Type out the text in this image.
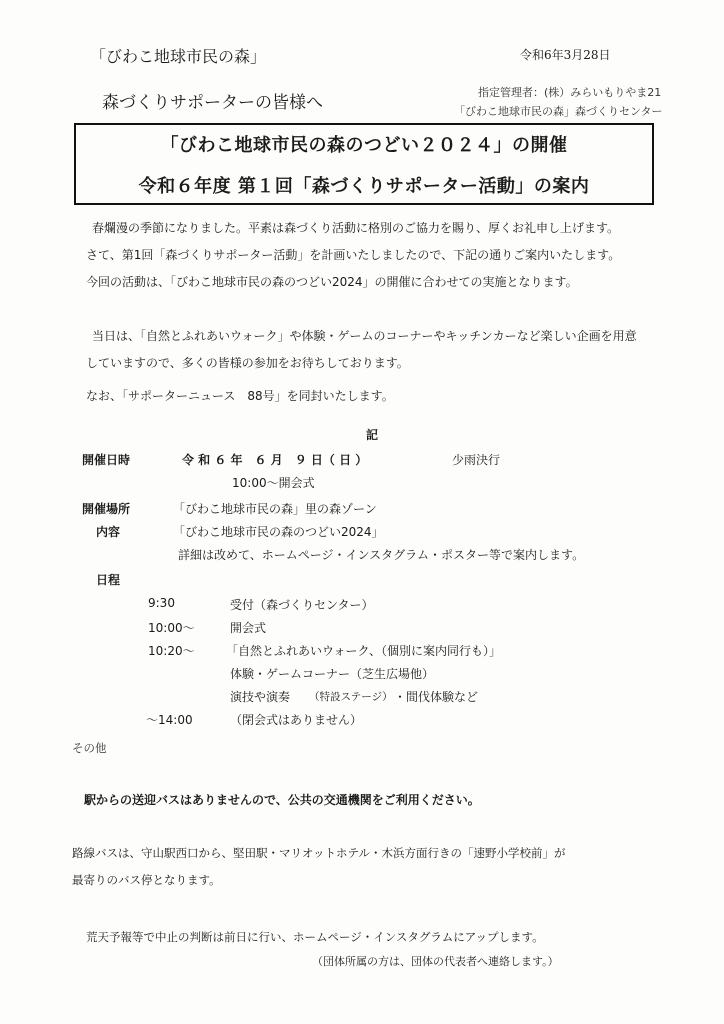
「びわこ地球市民の森」	令和6年3月28日
森づくりサポーターの皆様へ
指定管理者：(株）みらいもりやま21
「びわこ地球市民の森」森づくりセンター
「びわこ地球市民の森のつどい２０２４」の開催
令和６年度 第１回「森づくりサポーター活動」の案内
春爛漫の季節になりました。平素は森づくり活動に格別のご協力を賜り、厚くお礼申し上げます。
さて、第1回「森づくりサポーター活動」を計画いたしましたので、下記の通りご案内いたします。
今回の活動は、「びわこ地球市民の森のつどい2024」の開催に合わせての実施となります。
当日は、「自然とふれあいウォーク」や体験・ゲームのコーナーやキッチンカーなど楽しい企画を用意
していますので、多くの皆様の参加をお待ちしております。
なお、「サポーターニュース　88号」を同封いたします。
記
開催日時	令 和 ６ 年　６ 月　９ 日（ 日 ）	少雨決行
10:00～開会式
開催場所	「びわこ地球市民の森」里の森ゾーン
内容	「びわこ地球市民の森のつどい2024」
詳細は改めて、ホームページ・インスタグラム・ポスター等で案内します。
日程
9:30	受付（森づくりセンター）
10:00～	開会式
10:20～	「自然とふれあいウォーク、（個別に案内同行も）」
体験・ゲームコーナー（芝生広場他）
演技や演奏 （特設ステージ） ・間伐体験など
～14:00	（閉会式はありません）
その他
駅からの送迎バスはありませんので、公共の交通機関をご利用ください。
路線バスは、守山駅西口から、堅田駅・マリオットホテル・木浜方面行きの「速野小学校前」が
最寄りのバス停となります。
荒天予報等で中止の判断は前日に行い、ホームページ・インスタグラムにアップします。
（団体所属の方は、団体の代表者へ連絡します。）
